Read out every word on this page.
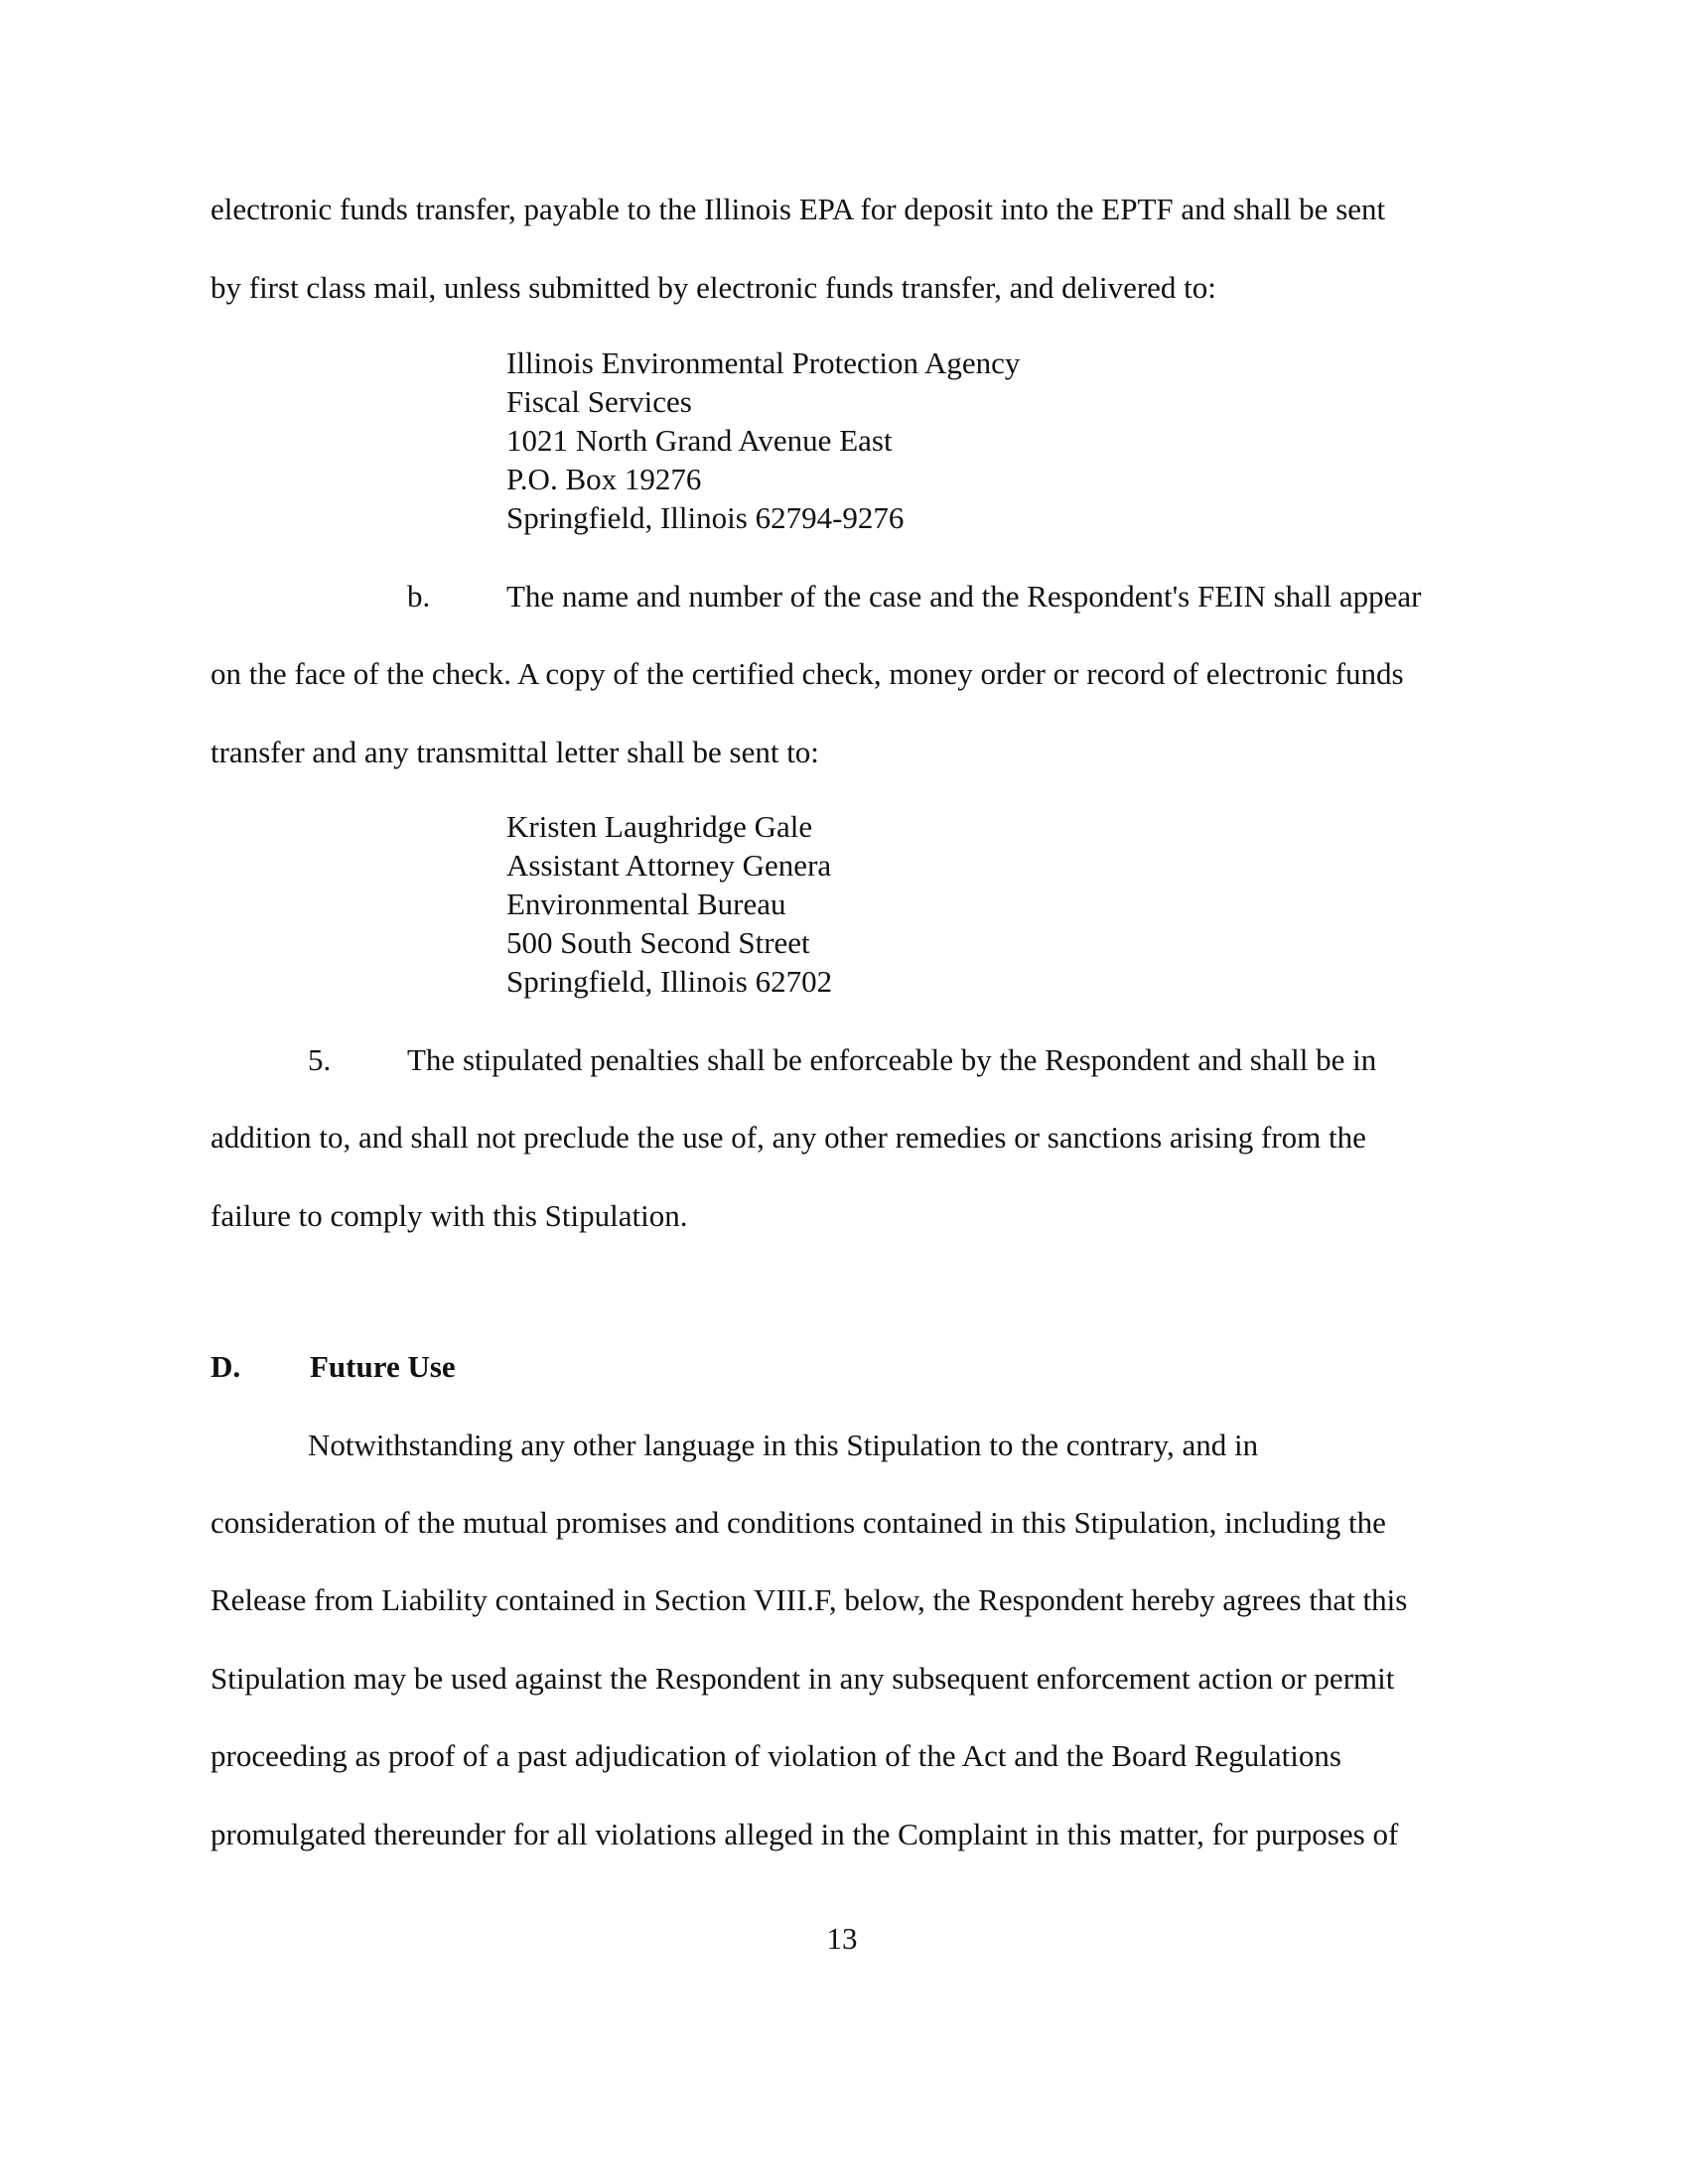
electronic funds transfer, payable to the Illinois EPA for deposit into the EPTF and shall be sent
by first class mail, unless submitted by electronic funds transfer, and delivered to:
Illinois Environmental Protection Agency
Fiscal Services
1021 North Grand Avenue East
P.O. Box 19276
Springfield, Illinois 62794-9276
b. The name and number of the case and the Respondent's FEIN shall appear
on the face of the check. A copy of the certified check, money order or record of electronic funds
transfer and any transmittal letter shall be sent to:
Kristen Laughridge Gale
Assistant Attorney Genera
Environmental Bureau
500 South Second Street
Springfield, Illinois 62702
5. The stipulated penalties shall be enforceable by the Respondent and shall be in
addition to, and shall not preclude the use of, any other remedies or sanctions arising from the
failure to comply with this Stipulation.
D. Future Use
Notwithstanding any other language in this Stipulation to the contrary, and in
consideration of the mutual promises and conditions contained in this Stipulation, including the
Release from Liability contained in Section VIII.F, below, the Respondent hereby agrees that this
Stipulation may be used against the Respondent in any subsequent enforcement action or permit
proceeding as proof of a past adjudication of violation of the Act and the Board Regulations
promulgated thereunder for all violations alleged in the Complaint in this matter, for purposes of
13
